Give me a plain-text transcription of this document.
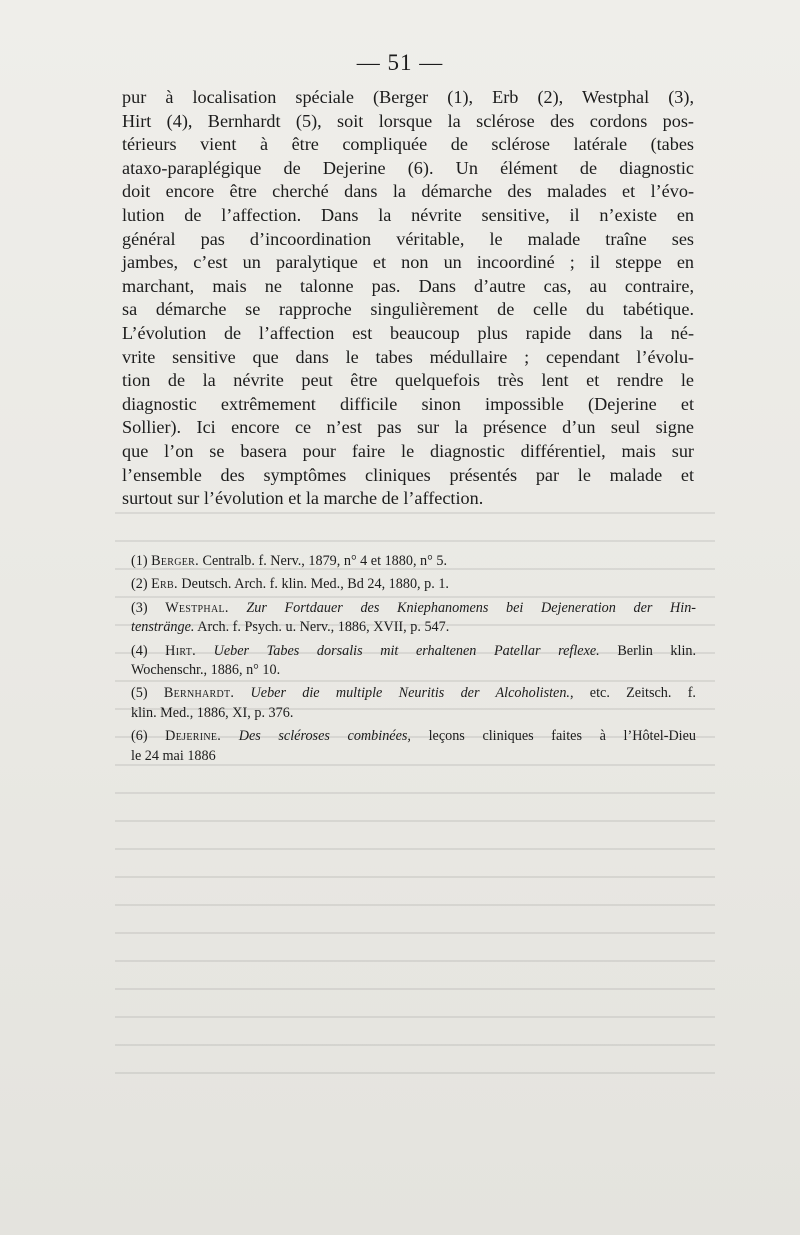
— 51 —
pur à localisation spéciale (Berger (1), Erb (2), Westphal (3),
Hirt (4), Bernhardt (5), soit lorsque la sclérose des cordons pos-
térieurs vient à être compliquée de sclérose latérale (tabes
ataxo-paraplégique de Dejerine (6). Un élément de diagnostic
doit encore être cherché dans la démarche des malades et l’évo-
lution de l’affection. Dans la névrite sensitive, il n’existe en
général pas d’incoordination véritable, le malade traîne ses
jambes, c’est un paralytique et non un incoordiné ; il steppe en
marchant, mais ne talonne pas. Dans d’autre cas, au contraire,
sa démarche se rapproche singulièrement de celle du tabétique.
L’évolution de l’affection est beaucoup plus rapide dans la né-
vrite sensitive que dans le tabes médullaire ; cependant l’évolu-
tion de la névrite peut être quelquefois très lent et rendre le
diagnostic extrêmement difficile sinon impossible (Dejerine et
Sollier). Ici encore ce n’est pas sur la présence d’un seul signe
que l’on se basera pour faire le diagnostic différentiel, mais sur
l’ensemble des symptômes cliniques présentés par le malade et
surtout sur l’évolution et la marche de l’affection.
(1) Berger. Centralb. f. Nerv., 1879, n° 4 et 1880, n° 5.
(2) Erb. Deutsch. Arch. f. klin. Med., Bd 24, 1880, p. 1.
(3) Westphal. Zur Fortdauer des Kniephanomens bei Dejeneration der Hin-
tenstränge. Arch. f. Psych. u. Nerv., 1886, XVII, p. 547.
(4) Hirt. Ueber Tabes dorsalis mit erhaltenen Patellar reflexe. Berlin klin.
Wochenschr., 1886, n° 10.
(5) Bernhardt. Ueber die multiple Neuritis der Alcoholisten., etc. Zeitsch. f.
klin. Med., 1886, XI, p. 376.
(6) Dejerine. Des scléroses combinées, leçons cliniques faites à l’Hôtel-Dieu
le 24 mai 1886
